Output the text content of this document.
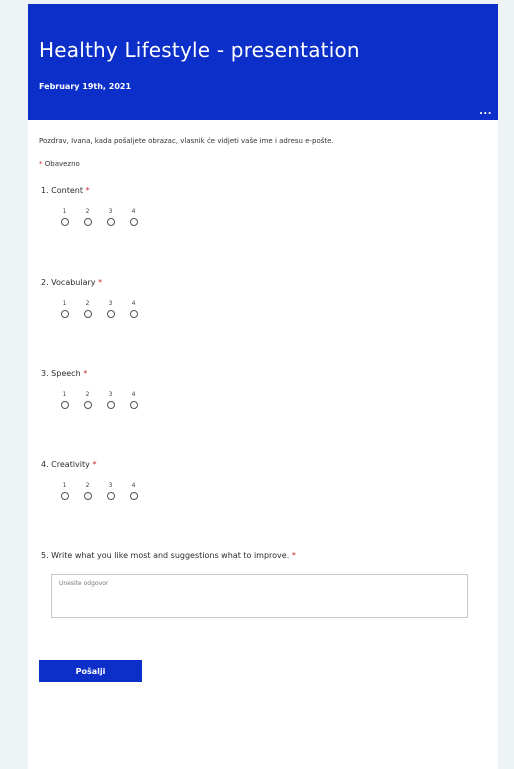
Healthy Lifestyle - presentation
February 19th, 2021
...
Pozdrav, Ivana, kada pošaljete obrazac, vlasnik će vidjeti vaše ime i adresu e-pošte.
* Obavezno
1. Content *
1	2	3	4
2. Vocabulary *
1	2	3	4
3. Speech *
1	2	3	4
4. Creativity *
1	2	3	4
5. Write what you like most and suggestions what to improve. *
Unesite odgovor
Pošalji
